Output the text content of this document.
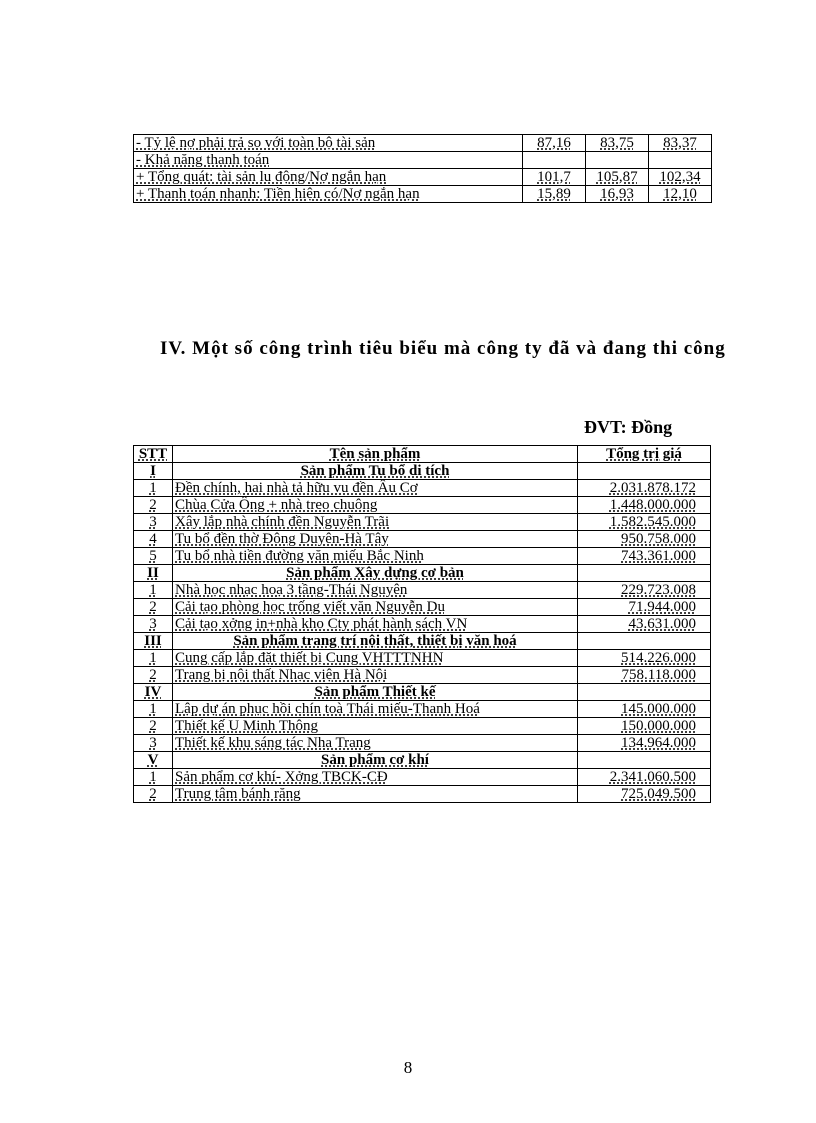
- Tỷ lệ nợ phải trả so với toàn bộ tài sản	87,16	83,75	83,37
- Khả năng thanh toán			
+ Tổng quát: tài sản lu động/Nợ ngắn hạn	101,7	105,87	102,34
+ Thanh toán nhanh: Tiền hiện có/Nợ ngắn hạn	15,89	16,93	12,10

IV. Một số công trình tiêu biểu mà công ty đã và đang thi công

ĐVT: Đồng
STT	Tên sản phẩm	Tổng trị giá
I	Sản phẩm Tu bổ di tích	
1	Đền chính, hai nhà tả hữu vu đền Âu Cơ	2.031.878.172
2	Chùa Cửa Ông + nhà treo chuông	1.448.000.000
3	Xây lắp nhà chính đền Nguyễn Trãi	1.582.545.000
4	Tu bổ đền thờ Đông Duyên-Hà Tây	950.758.000
5	Tu bổ nhà tiền đường văn miếu Bắc Ninh	743.361.000
II	Sản phẩm Xây dựng cơ bản	
1	Nhà học nhạc hoạ 3 tầng-Thái Nguyên	229.723.008
2	Cải tạo phòng học trống viết văn Nguyễn Du	71.944.000
3	Cải tạo xởng in+nhà kho Cty phát hành sách VN	43.631.000
III	Sản phẩm trang trí nội thất, thiết bị văn hoá	
1	Cung cấp lắp đặt thiết bị Cung VHTTTNHN	514.226.000
2	Trang bị nội thất Nhạc viện Hà Nội	758.118.000
IV	Sản phẩm Thiết kế	
1	Lập dự án phục hồi chín toà Thái miếu-Thanh Hoá	145.000.000
2	Thiết kế U Minh Thông	150.000.000
3	Thiết kế khu sáng tác Nha Trang	134.964.000
V	Sản phẩm cơ khí	
1	Sản phẩm cơ khí- Xởng TBCK-CĐ	2.341.060.500
2	Trung tâm bánh răng	725.049.500
8
